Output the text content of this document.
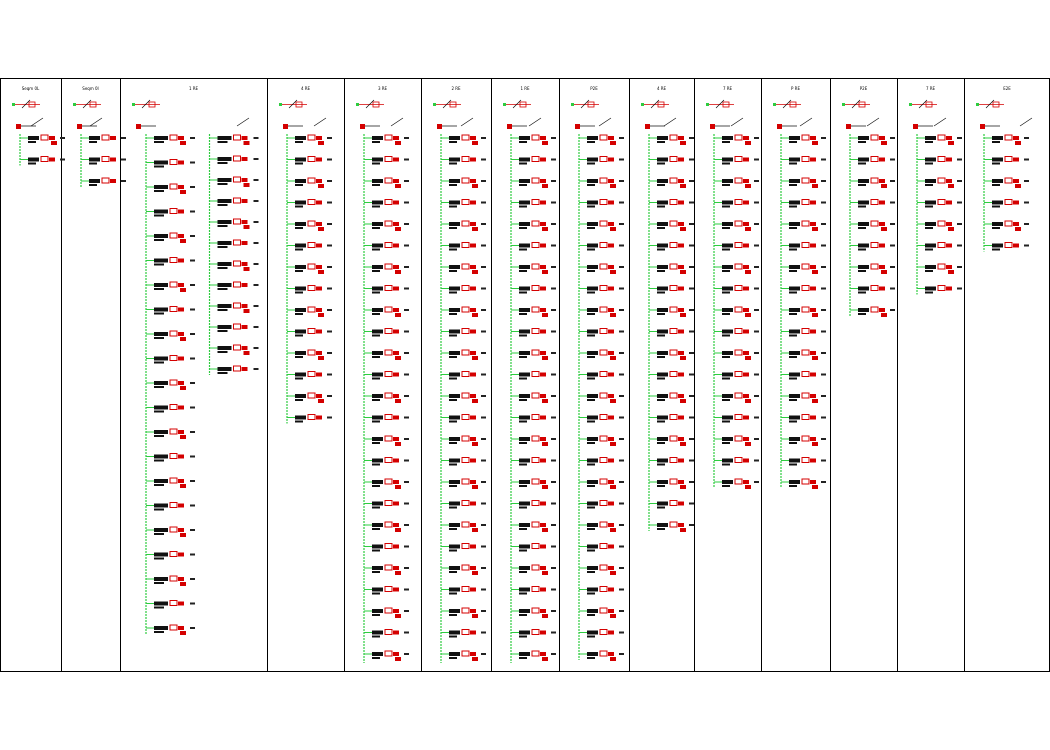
Seqm 0L	Seqm 0I	1 RE	4 RE	3 RE	2 RE	1 RE	P2E	4 RE	7 RE	P RE	P2E	7 RE	E2E
